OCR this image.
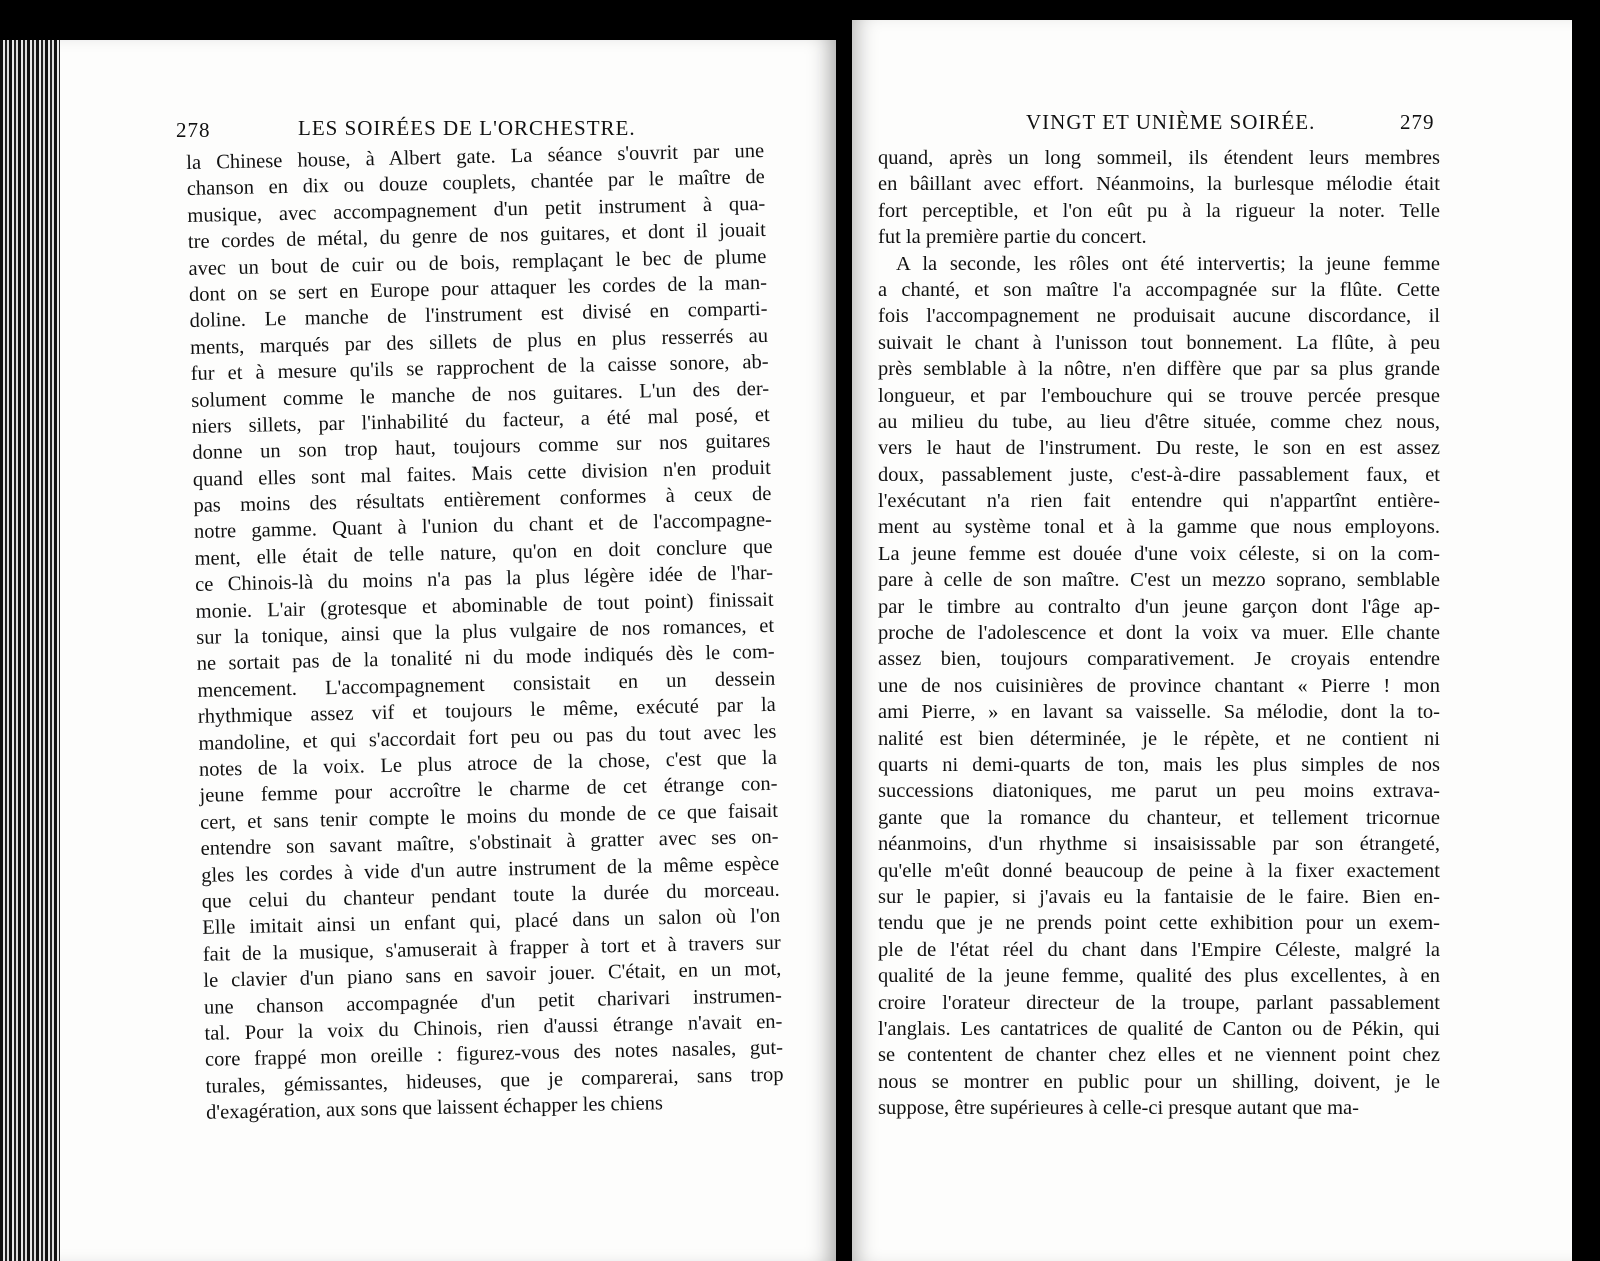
278	LES SOIRÉES DE L'ORCHESTRE.
la Chinese house, à Albert gate. La séance s'ouvrit par une
chanson en dix ou douze couplets, chantée par le maître de
musique, avec accompagnement d'un petit instrument à qua-
tre cordes de métal, du genre de nos guitares, et dont il jouait
avec un bout de cuir ou de bois, remplaçant le bec de plume
dont on se sert en Europe pour attaquer les cordes de la man-
doline. Le manche de l'instrument est divisé en comparti-
ments, marqués par des sillets de plus en plus resserrés au
fur et à mesure qu'ils se rapprochent de la caisse sonore, ab-
solument comme le manche de nos guitares. L'un des der-
niers sillets, par l'inhabilité du facteur, a été mal posé, et
donne un son trop haut, toujours comme sur nos guitares
quand elles sont mal faites. Mais cette division n'en produit
pas moins des résultats entièrement conformes à ceux de
notre gamme. Quant à l'union du chant et de l'accompagne-
ment, elle était de telle nature, qu'on en doit conclure que
ce Chinois-là du moins n'a pas la plus légère idée de l'har-
monie. L'air (grotesque et abominable de tout point) finissait
sur la tonique, ainsi que la plus vulgaire de nos romances, et
ne sortait pas de la tonalité ni du mode indiqués dès le com-
mencement. L'accompagnement consistait en un dessein
rhythmique assez vif et toujours le même, exécuté par la
mandoline, et qui s'accordait fort peu ou pas du tout avec les
notes de la voix. Le plus atroce de la chose, c'est que la
jeune femme pour accroître le charme de cet étrange con-
cert, et sans tenir compte le moins du monde de ce que faisait
entendre son savant maître, s'obstinait à gratter avec ses on-
gles les cordes à vide d'un autre instrument de la même espèce
que celui du chanteur pendant toute la durée du morceau.
Elle imitait ainsi un enfant qui, placé dans un salon où l'on
fait de la musique, s'amuserait à frapper à tort et à travers sur
le clavier d'un piano sans en savoir jouer. C'était, en un mot,
une chanson accompagnée d'un petit charivari instrumen-
tal. Pour la voix du Chinois, rien d'aussi étrange n'avait en-
core frappé mon oreille : figurez-vous des notes nasales, gut-
turales, gémissantes, hideuses, que je comparerai, sans trop
d'exagération, aux sons que laissent échapper les chiens
VINGT ET UNIÈME SOIRÉE.	279
quand, après un long sommeil, ils étendent leurs membres
en bâillant avec effort. Néanmoins, la burlesque mélodie était
fort perceptible, et l'on eût pu à la rigueur la noter. Telle
fut la première partie du concert.
A la seconde, les rôles ont été intervertis; la jeune femme
a chanté, et son maître l'a accompagnée sur la flûte. Cette
fois l'accompagnement ne produisait aucune discordance, il
suivait le chant à l'unisson tout bonnement. La flûte, à peu
près semblable à la nôtre, n'en diffère que par sa plus grande
longueur, et par l'embouchure qui se trouve percée presque
au milieu du tube, au lieu d'être située, comme chez nous,
vers le haut de l'instrument. Du reste, le son en est assez
doux, passablement juste, c'est-à-dire passablement faux, et
l'exécutant n'a rien fait entendre qui n'appartînt entière-
ment au système tonal et à la gamme que nous employons.
La jeune femme est douée d'une voix céleste, si on la com-
pare à celle de son maître. C'est un mezzo soprano, semblable
par le timbre au contralto d'un jeune garçon dont l'âge ap-
proche de l'adolescence et dont la voix va muer. Elle chante
assez bien, toujours comparativement. Je croyais entendre
une de nos cuisinières de province chantant « Pierre ! mon
ami Pierre, » en lavant sa vaisselle. Sa mélodie, dont la to-
nalité est bien déterminée, je le répète, et ne contient ni
quarts ni demi-quarts de ton, mais les plus simples de nos
successions diatoniques, me parut un peu moins extrava-
gante que la romance du chanteur, et tellement tricornue
néanmoins, d'un rhythme si insaisissable par son étrangeté,
qu'elle m'eût donné beaucoup de peine à la fixer exactement
sur le papier, si j'avais eu la fantaisie de le faire. Bien en-
tendu que je ne prends point cette exhibition pour un exem-
ple de l'état réel du chant dans l'Empire Céleste, malgré la
qualité de la jeune femme, qualité des plus excellentes, à en
croire l'orateur directeur de la troupe, parlant passablement
l'anglais. Les cantatrices de qualité de Canton ou de Pékin, qui
se contentent de chanter chez elles et ne viennent point chez
nous se montrer en public pour un shilling, doivent, je le
suppose, être supérieures à celle-ci presque autant que ma-
